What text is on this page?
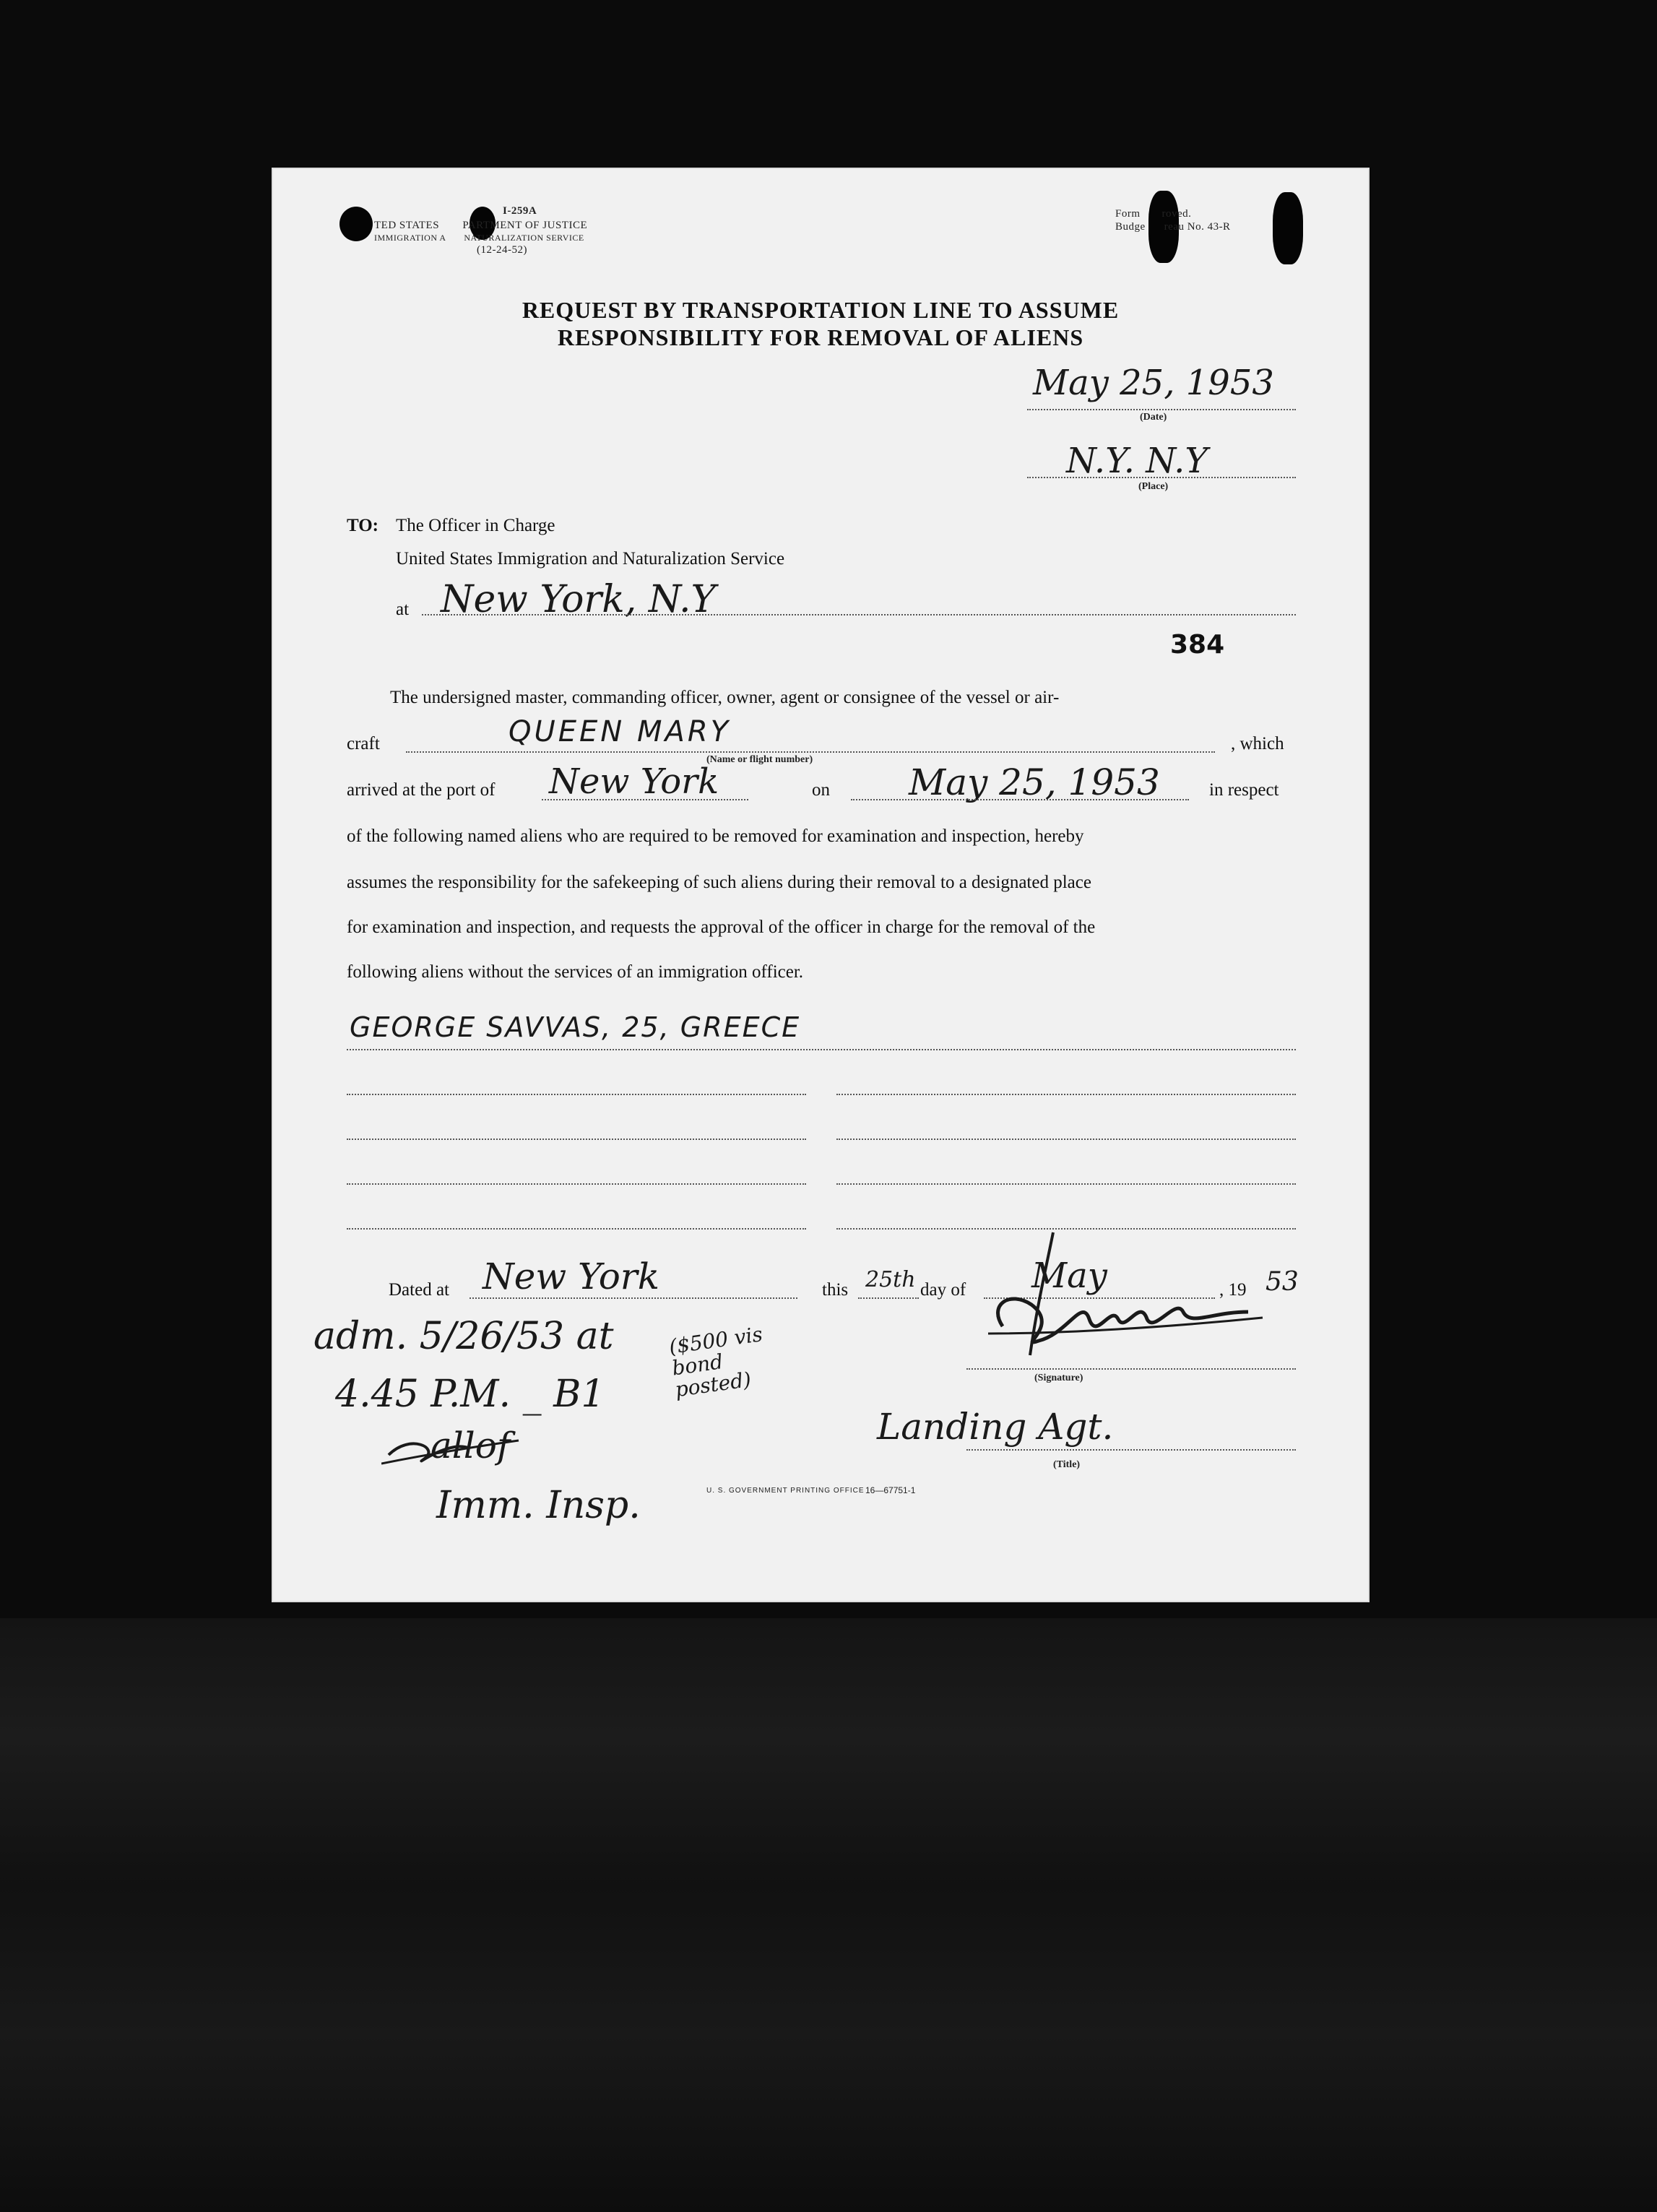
TED STATES PARTMENT OF JUSTICE
IMMIGRATION A NATURALIZATION SERVICE
I-259A
(12-24-52)
Form roved.
Budge reau No. 43-R
REQUEST BY TRANSPORTATION LINE TO ASSUME
RESPONSIBILITY FOR REMOVAL OF ALIENS
May 25, 1953
(Date)
N.Y. N.Y
(Place)
TO: The Officer in Charge
United States Immigration and Naturalization Service
at New York, N.Y
384
The undersigned master, commanding officer, owner, agent or consignee of the vessel or air-
craft	QUEEN MARY	, which
(Name or flight number)
arrived at the port of New York	on May 25, 1953	in respect
of the following named aliens who are required to be removed for examination and inspection, hereby
assumes the responsibility for the safekeeping of such aliens during their removal to a designated place
for examination and inspection, and requests the approval of the officer in charge for the removal of the
following aliens without the services of an immigration officer.
GEORGE SAVVAS, 25, GREECE
Dated at New York	this 25th day of May	, 19 53
(Signature)
Landing Agt.
(Title)
adm. 5/26/53 at
4.45 P.M. _ B1
allof
Imm. Insp.
($500 vis bond posted)
U. S. GOVERNMENT PRINTING OFFICE 16—67751-1
